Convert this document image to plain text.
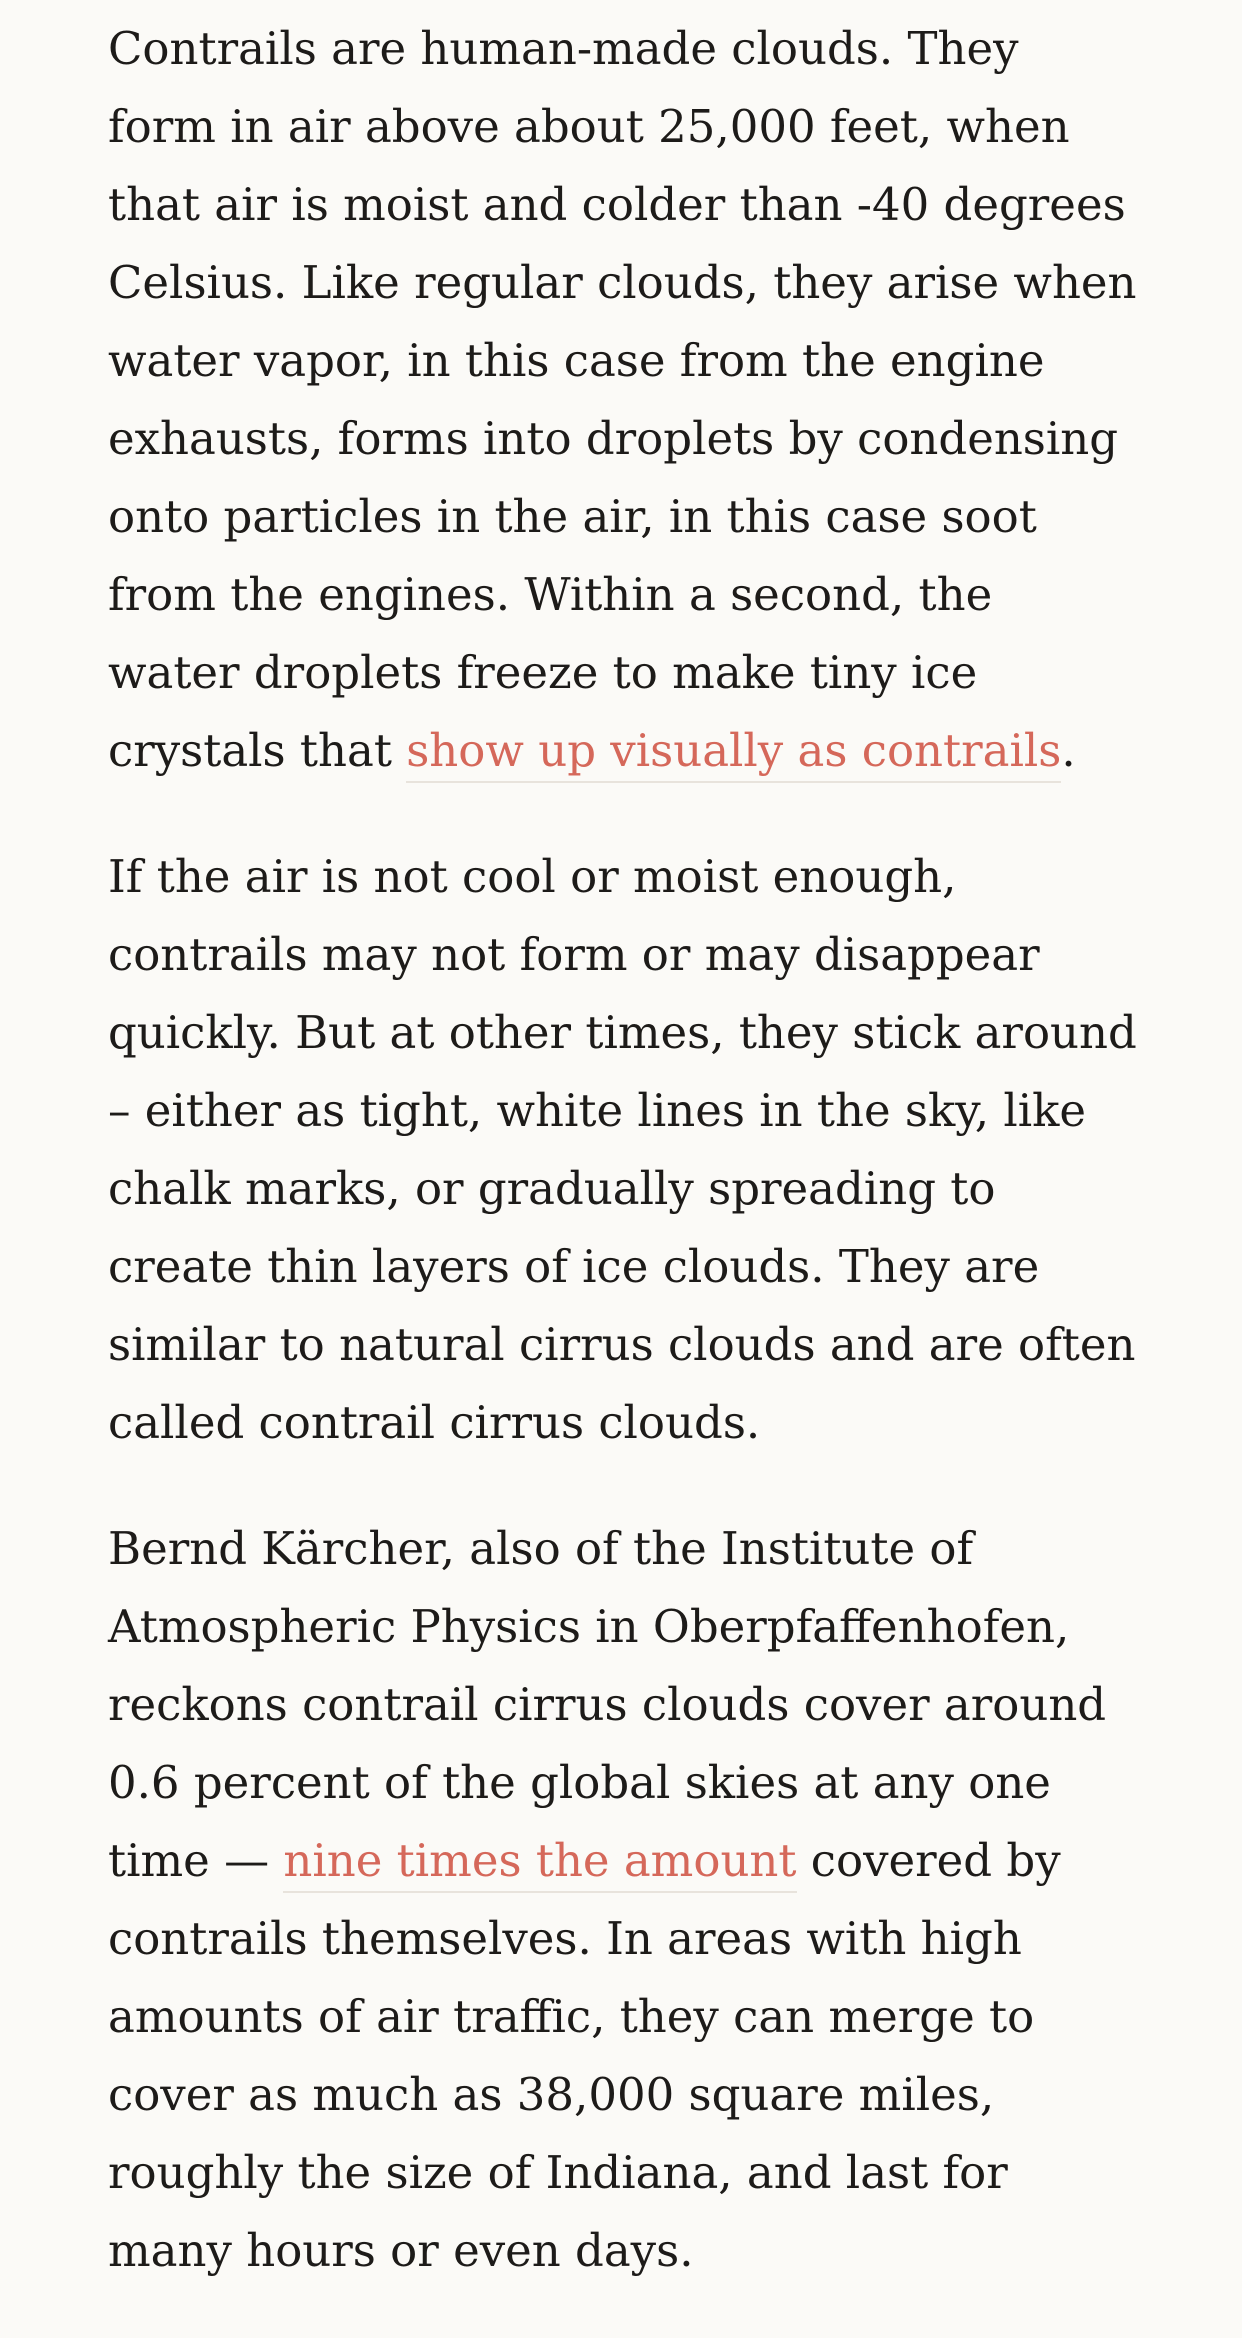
Contrails are human-made clouds. They form in air above about 25,000 feet, when that air is moist and colder than -40 degrees Celsius. Like regular clouds, they arise when water vapor, in this case from the engine exhausts, forms into droplets by condensing onto particles in the air, in this case soot from the engines. Within a second, the water droplets freeze to make tiny ice crystals that show up visually as contrails.

If the air is not cool or moist enough, contrails may not form or may disappear quickly. But at other times, they stick around – either as tight, white lines in the sky, like chalk marks, or gradually spreading to create thin layers of ice clouds. They are similar to natural cirrus clouds and are often called contrail cirrus clouds.

Bernd Kärcher, also of the Institute of Atmospheric Physics in Oberpfaffenhofen, reckons contrail cirrus clouds cover around 0.6 percent of the global skies at any one time — nine times the amount covered by contrails themselves. In areas with high amounts of air traffic, they can merge to cover as much as 38,000 square miles, roughly the size of Indiana, and last for many hours or even days.
